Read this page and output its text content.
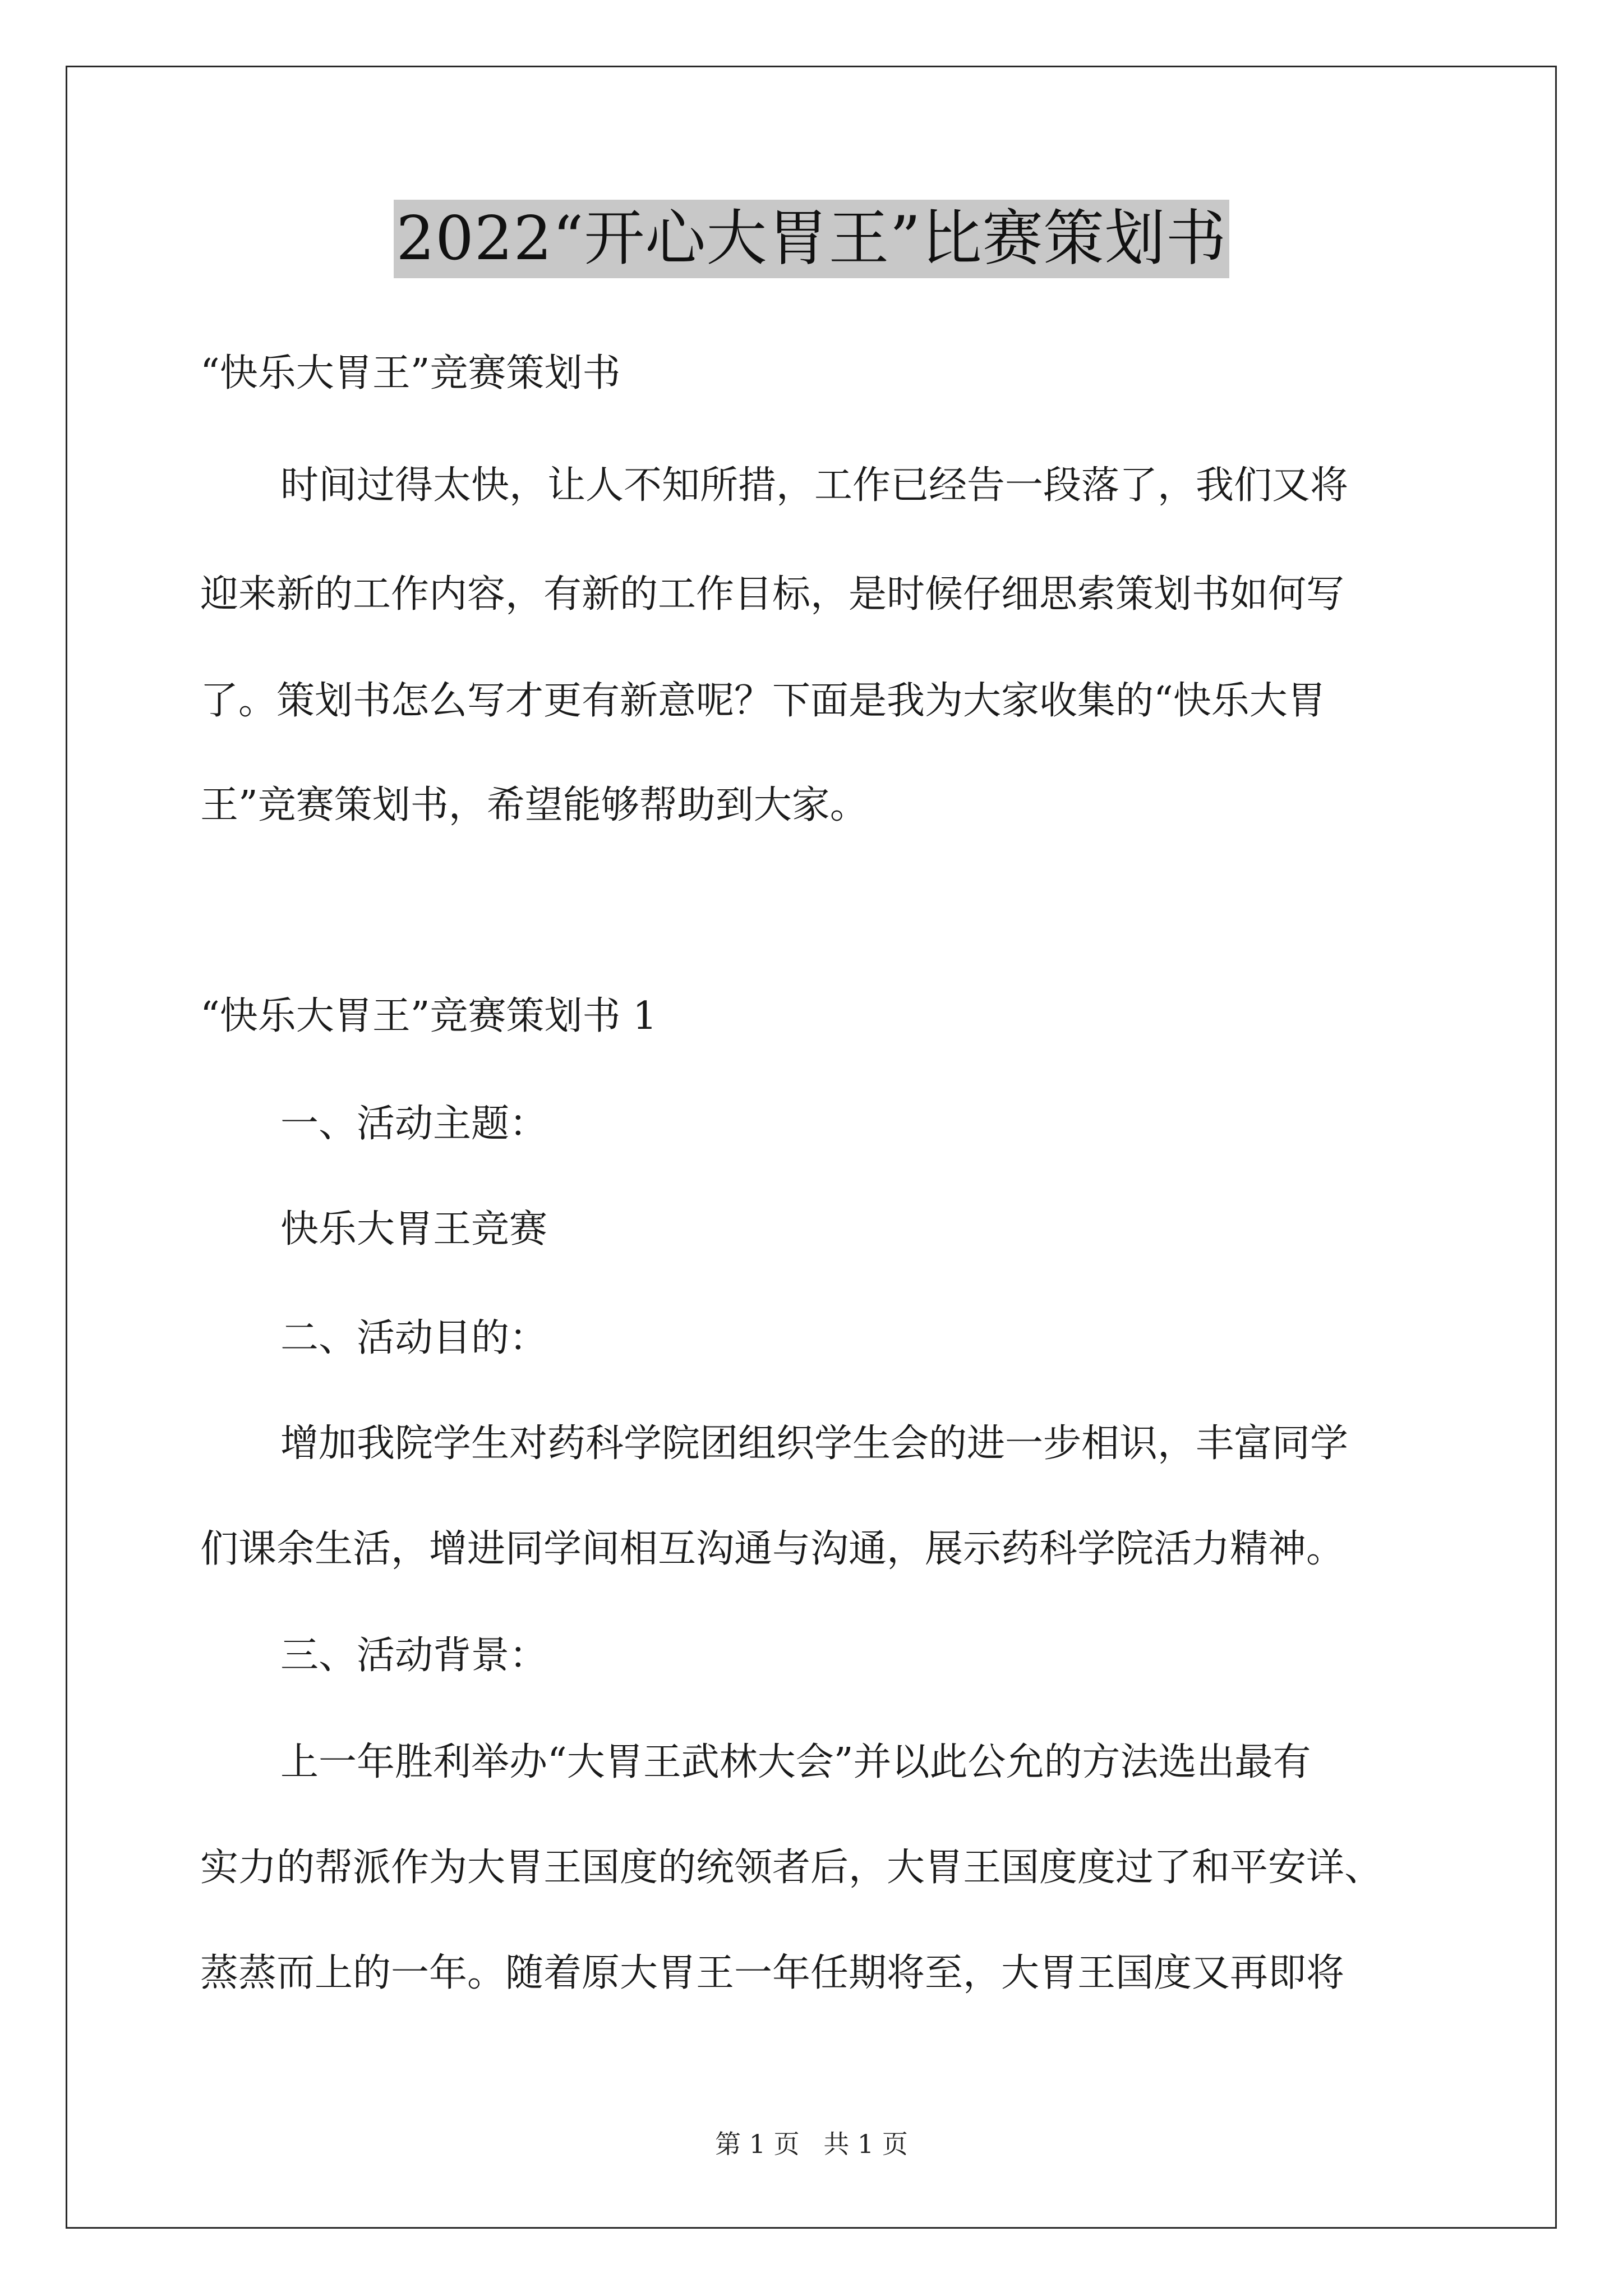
2022“开心大胃王”比赛策划书
“快乐大胃王”竞赛策划书
时间过得太快，让人不知所措，工作已经告一段落了，我们又将
迎来新的工作内容，有新的工作目标，是时候仔细思索策划书如何写
了。策划书怎么写才更有新意呢？下面是我为大家收集的“快乐大胃
王”竞赛策划书，希望能够帮助到大家。
“快乐大胃王”竞赛策划书 1
一、活动主题：
快乐大胃王竞赛
二、活动目的：
增加我院学生对药科学院团组织学生会的进一步相识，丰富同学
们课余生活，增进同学间相互沟通与沟通，展示药科学院活力精神。
三、活动背景：
上一年胜利举办“大胃王武林大会”并以此公允的方法选出最有
实力的帮派作为大胃王国度的统领者后，大胃王国度度过了和平安详、
蒸蒸而上的一年。随着原大胃王一年任期将至，大胃王国度又再即将
第 1 页 共 1 页
